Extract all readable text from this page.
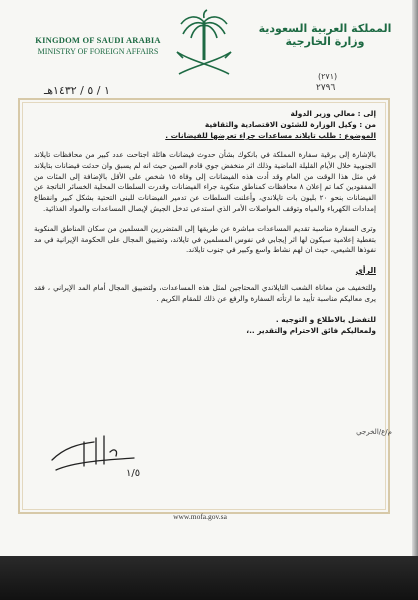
KINGDOM OF SAUDI ARABIA
MINISTRY OF FOREIGN AFFAIRS
المملكة العربية السعودية
وزارة الخارجية
(٢٧١)
٢٧٩٦
١ / ٥ / ١٤٣٢هـ

إلى : معالي وزير الدولة

من : وكيل الوزارة للشئون الاقتصادية والثقافية

الموضوع : طلب تايلاند مساعدات جراء تعرضها للفيضانات .

بالإشارة إلى برقية سفارة المملكة في بانكوك بشأن حدوث فيضانات هائلة اجتاحت عدد كبير من محافظات تايلاند الجنوبية خلال الأيام القليلة الماضية وذلك اثر منخفض جوي قادم الصين حيث انه لم يسبق وان حدثت فيضانات بتايلاند في مثل هذا الوقت من العام وقد أدت هذه الفيضانات إلى وفاة ١٥ شخص على الأقل بالإضافة إلى المئات من المفقودين كما تم إعلان ٨ محافظات كمناطق منكوبة جراء الفيضانات وقدرت السلطات المحلية الخسائر الناتجة عن الفيضانات بنحو ٢٠ بليون بات تايلاندي، وأعلنت السلطات عن تدمير الفيضانات للبنى التحتية بشكل كبير وانقطاع إمدادات الكهرباء والمياه وتوقف المواصلات الأمر الذي استدعى تدخل الجيش لإيصال المساعدات والمواد الغذائية.

وترى السفارة مناسبة تقديم المساعدات مباشرة عن طريقها إلى المتضررين المسلمين من سكان المناطق المنكوبة بتغطية إعلامية سيكون لها اثر إيجابي في نفوس المسلمين في تايلاند، وتضييق المجال على الحكومة الإيرانية في مد نفوذها الشيعي، حيث ان لهم نشاط واسع وكبير في جنوب تايلاند.

الرأي

وللتخفيف من معاناة الشعب التايلاندي المحتاجين لمثل هذه المساعدات، ولتضييق المجال أمام المد الإيراني ، فقد يرى معاليكم مناسبة تأييد ما ارتأته السفارة والرفع عن ذلك للمقام الكريم .

للتفضل بالاطلاع و التوجيه .

ولمعاليكم فائق الاحترام والتقدير ..،

م/ع/الخرجي
١/٥
www.mofa.gov.sa
